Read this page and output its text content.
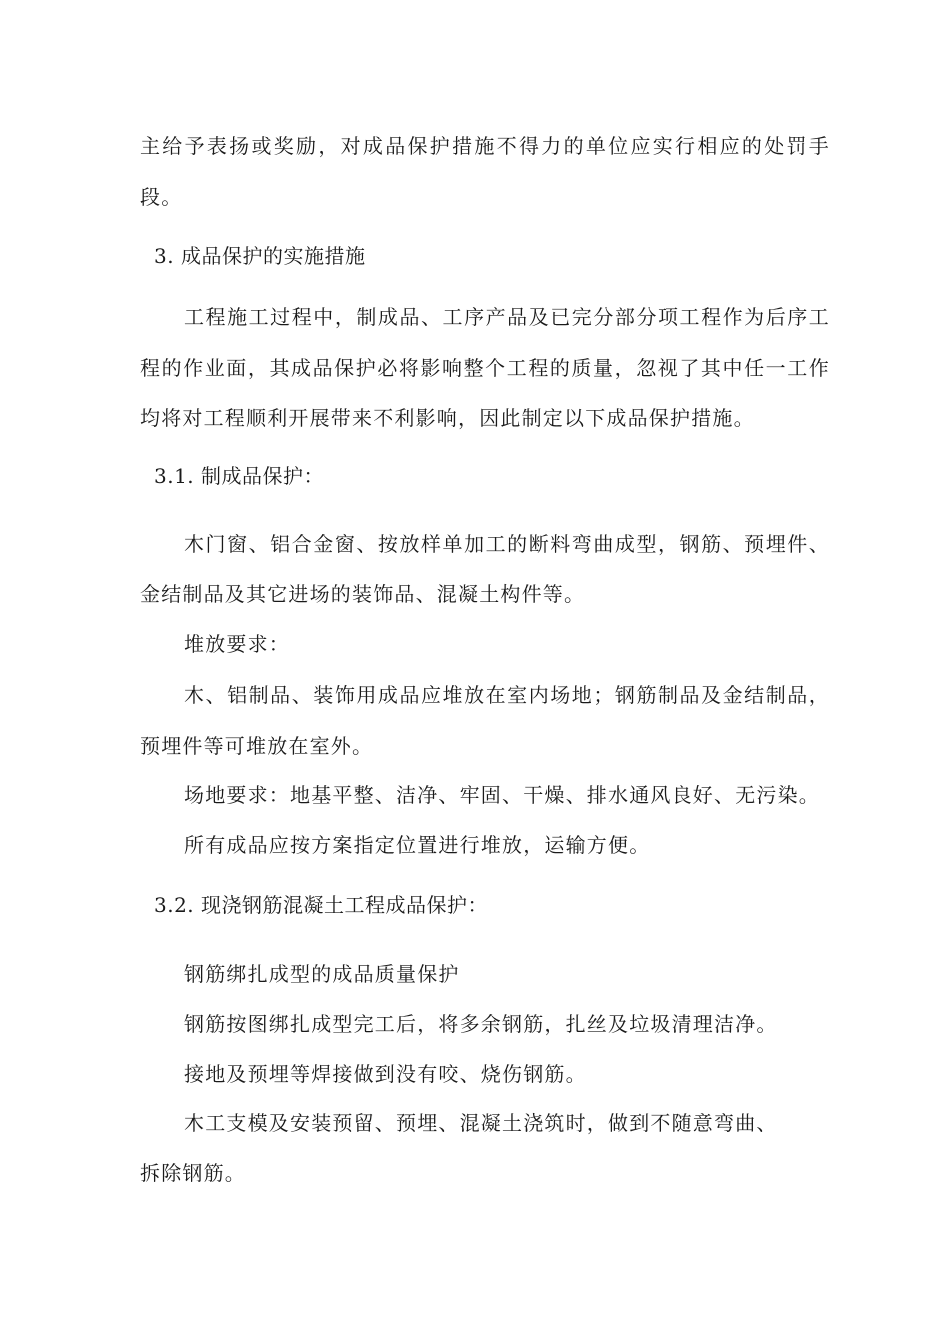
主给予表扬或奖励，对成品保护措施不得力的单位应实行相应的处罚手
段。
3. 成品保护的实施措施
工程施工过程中，制成品、工序产品及已完分部分项工程作为后序工
程的作业面，其成品保护必将影响整个工程的质量，忽视了其中任一工作
均将对工程顺利开展带来不利影响，因此制定以下成品保护措施。
3.1. 制成品保护：
木门窗、铝合金窗、按放样单加工的断料弯曲成型，钢筋、预埋件、
金结制品及其它进场的装饰品、混凝土构件等。
堆放要求：
木、铝制品、装饰用成品应堆放在室内场地；钢筋制品及金结制品，
预埋件等可堆放在室外。
场地要求：地基平整、洁净、牢固、干燥、排水通风良好、无污染。
所有成品应按方案指定位置进行堆放，运输方便。
3.2. 现浇钢筋混凝土工程成品保护：
钢筋绑扎成型的成品质量保护
钢筋按图绑扎成型完工后，将多余钢筋，扎丝及垃圾清理洁净。
接地及预埋等焊接做到没有咬、烧伤钢筋。
木工支模及安装预留、预埋、混凝土浇筑时，做到不随意弯曲、
拆除钢筋。
